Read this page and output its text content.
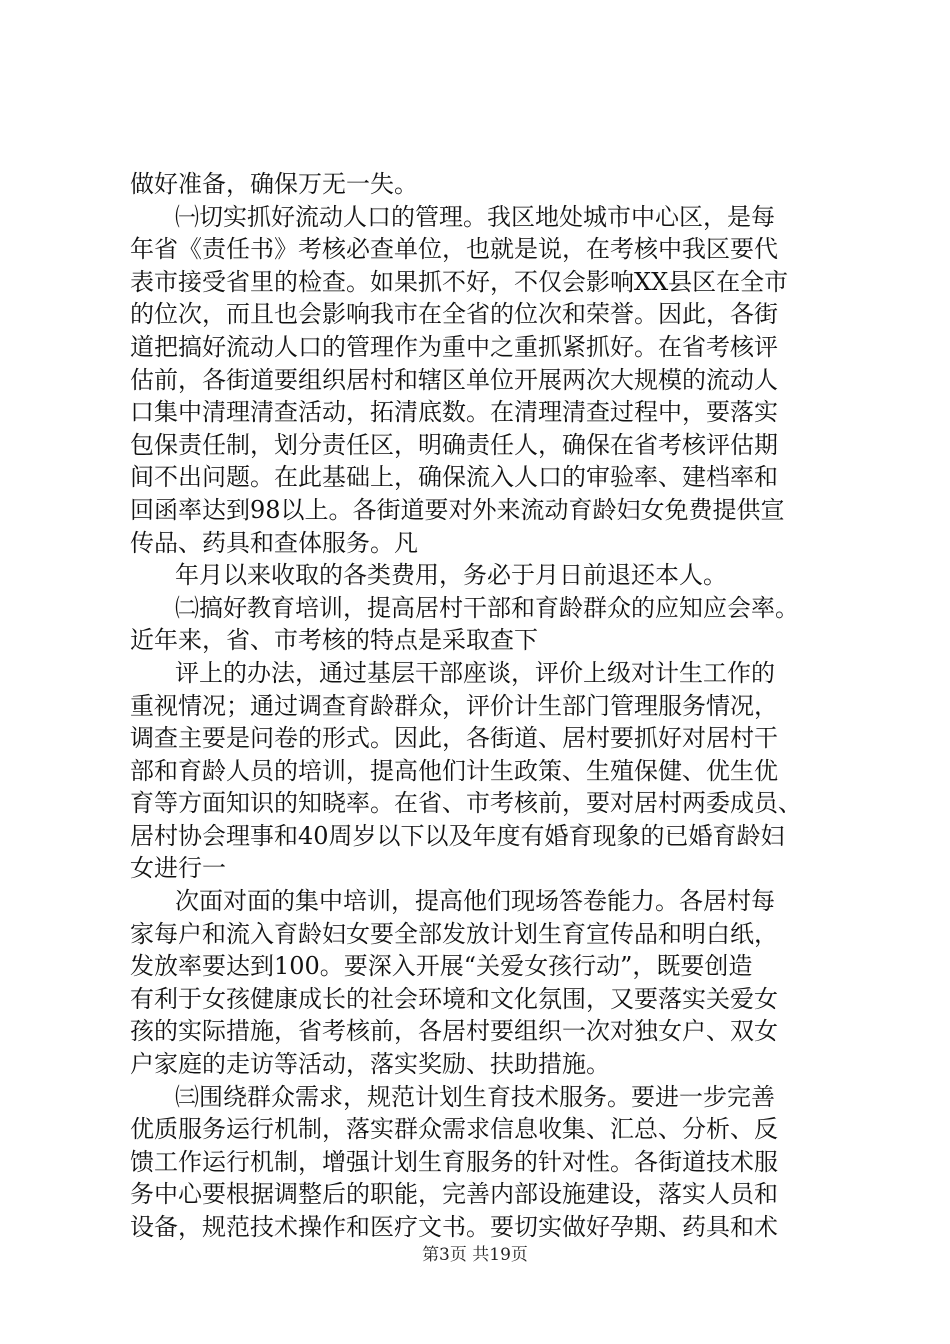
做好准备，确保万无一失。
㈠切实抓好流动人口的管理。我区地处城市中心区，是每
年省《责任书》考核必查单位，也就是说，在考核中我区要代
表市接受省里的检查。如果抓不好，不仅会影响XX县区在全市
的位次，而且也会影响我市在全省的位次和荣誉。因此，各街
道把搞好流动人口的管理作为重中之重抓紧抓好。在省考核评
估前，各街道要组织居村和辖区单位开展两次大规模的流动人
口集中清理清查活动，拓清底数。在清理清查过程中，要落实
包保责任制，划分责任区，明确责任人，确保在省考核评估期
间不出问题。在此基础上，确保流入人口的审验率、建档率和
回函率达到98以上。各街道要对外来流动育龄妇女免费提供宣
传品、药具和查体服务。凡
年月以来收取的各类费用，务必于月日前退还本人。
㈡搞好教育培训，提高居村干部和育龄群众的应知应会率。
近年来，省、市考核的特点是采取查下
评上的办法，通过基层干部座谈，评价上级对计生工作的
重视情况；通过调查育龄群众，评价计生部门管理服务情况，
调查主要是问卷的形式。因此，各街道、居村要抓好对居村干
部和育龄人员的培训，提高他们计生政策、生殖保健、优生优
育等方面知识的知晓率。在省、市考核前，要对居村两委成员、
居村协会理事和40周岁以下以及年度有婚育现象的已婚育龄妇
女进行一
次面对面的集中培训，提高他们现场答卷能力。各居村每
家每户和流入育龄妇女要全部发放计划生育宣传品和明白纸，
发放率要达到100。要深入开展“关爱女孩行动”，既要创造
有利于女孩健康成长的社会环境和文化氛围，又要落实关爱女
孩的实际措施，省考核前，各居村要组织一次对独女户、双女
户家庭的走访等活动，落实奖励、扶助措施。
㈢围绕群众需求，规范计划生育技术服务。要进一步完善
优质服务运行机制，落实群众需求信息收集、汇总、分析、反
馈工作运行机制，增强计划生育服务的针对性。各街道技术服
务中心要根据调整后的职能，完善内部设施建设，落实人员和
设备，规范技术操作和医疗文书。要切实做好孕期、药具和术
第3页 共19页
